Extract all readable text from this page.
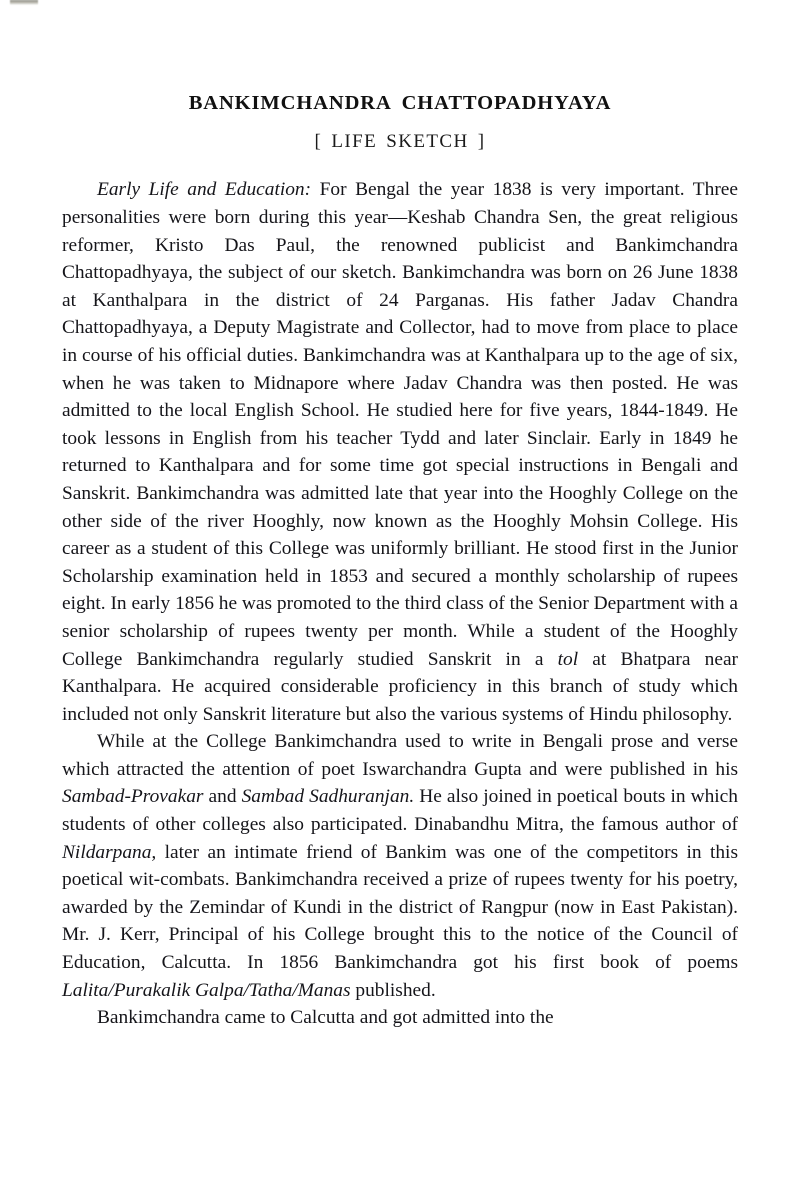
BANKIMCHANDRA CHATTOPADHYAYA
[ LIFE SKETCH ]

Early Life and Education: For Bengal the year 1838 is very important. Three personalities were born during this year—Keshab Chandra Sen, the great religious reformer, Kristo Das Paul, the renowned publicist and Bankimchandra Chattopadhyaya, the subject of our sketch. Bankimchandra was born on 26 June 1838 at Kanthalpara in the district of 24 Parganas. His father Jadav Chandra Chattopadhyaya, a Deputy Magistrate and Collector, had to move from place to place in course of his official duties. Bankimchandra was at Kanthalpara up to the age of six, when he was taken to Midnapore where Jadav Chandra was then posted. He was admitted to the local English School. He studied here for five years, 1844-1849. He took lessons in English from his teacher Tydd and later Sinclair. Early in 1849 he returned to Kanthalpara and for some time got special instructions in Bengali and Sanskrit. Bankimchandra was admitted late that year into the Hooghly College on the other side of the river Hooghly, now known as the Hooghly Mohsin College. His career as a student of this College was uniformly brilliant. He stood first in the Junior Scholarship examination held in 1853 and secured a monthly scholarship of rupees eight. In early 1856 he was promoted to the third class of the Senior Department with a senior scholarship of rupees twenty per month. While a student of the Hooghly College Bankimchandra regularly studied Sanskrit in a tol at Bhatpara near Kanthalpara. He acquired considerable proficiency in this branch of study which included not only Sanskrit literature but also the various systems of Hindu philosophy.

While at the College Bankimchandra used to write in Bengali prose and verse which attracted the attention of poet Iswarchandra Gupta and were published in his Sambad-Provakar and Sambad Sadhuranjan. He also joined in poetical bouts in which students of other colleges also participated. Dinabandhu Mitra, the famous author of Nildarpana, later an intimate friend of Bankim was one of the competitors in this poetical wit-combats. Bankimchandra received a prize of rupees twenty for his poetry, awarded by the Zemindar of Kundi in the district of Rangpur (now in East Pakistan). Mr. J. Kerr, Principal of his College brought this to the notice of the Council of Education, Calcutta. In 1856 Bankimchandra got his first book of poems Lalita/Purakalik Galpa/Tatha/Manas published.

Bankimchandra came to Calcutta and got admitted into the
